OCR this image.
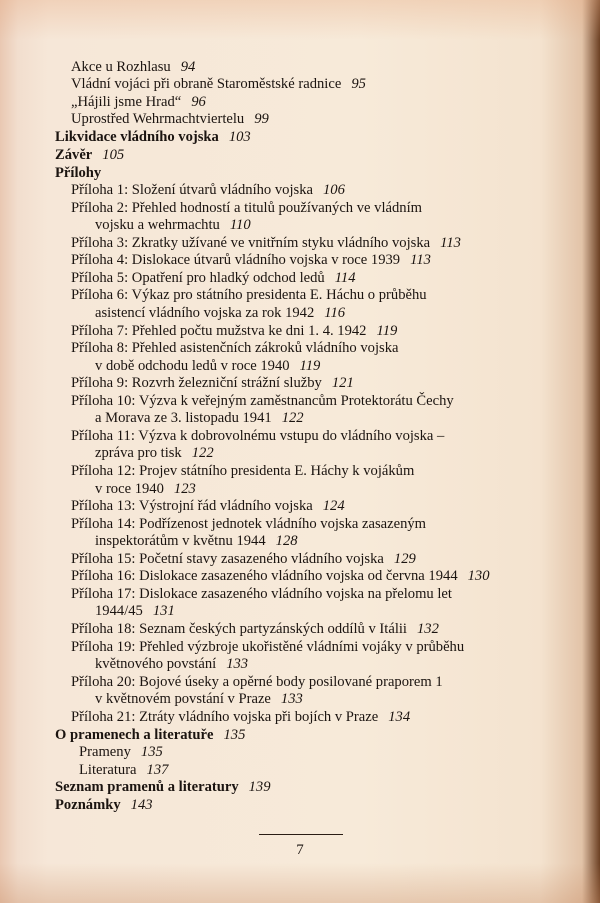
Akce u Rozhlasu 94
Vládní vojáci při obraně Staroměstské radnice 95
„Hájili jsme Hrad“ 96
Uprostřed Wehrmachtviertelu 99
Likvidace vládního vojska 103
Závěr 105
Přílohy
Příloha 1: Složení útvarů vládního vojska 106
Příloha 2: Přehled hodností a titulů používaných ve vládním
vojsku a wehrmachtu 110
Příloha 3: Zkratky užívané ve vnitřním styku vládního vojska 113
Příloha 4: Dislokace útvarů vládního vojska v roce 1939 113
Příloha 5: Opatření pro hladký odchod ledů 114
Příloha 6: Výkaz pro státního presidenta E. Háchu o průběhu
asistencí vládního vojska za rok 1942 116
Příloha 7: Přehled počtu mužstva ke dni 1. 4. 1942 119
Příloha 8: Přehled asistenčních zákroků vládního vojska
v době odchodu ledů v roce 1940 119
Příloha 9: Rozvrh železniční strážní služby 121
Příloha 10: Výzva k veřejným zaměstnancům Protektorátu Čechy
a Morava ze 3. listopadu 1941 122
Příloha 11: Výzva k dobrovolnému vstupu do vládního vojska –
zpráva pro tisk 122
Příloha 12: Projev státního presidenta E. Háchy k vojákům
v roce 1940 123
Příloha 13: Výstrojní řád vládního vojska 124
Příloha 14: Podřízenost jednotek vládního vojska zasazeným
inspektorátům v květnu 1944 128
Příloha 15: Početní stavy zasazeného vládního vojska 129
Příloha 16: Dislokace zasazeného vládního vojska od června 1944 130
Příloha 17: Dislokace zasazeného vládního vojska na přelomu let
1944/45 131
Příloha 18: Seznam českých partyzánských oddílů v Itálii 132
Příloha 19: Přehled výzbroje ukořistěné vládními vojáky v průběhu
květnového povstání 133
Příloha 20: Bojové úseky a opěrné body posilované praporem 1
v květnovém povstání v Praze 133
Příloha 21: Ztráty vládního vojska při bojích v Praze 134
O pramenech a literatuře 135
Prameny 135
Literatura 137
Seznam pramenů a literatury 139
Poznámky 143
7
